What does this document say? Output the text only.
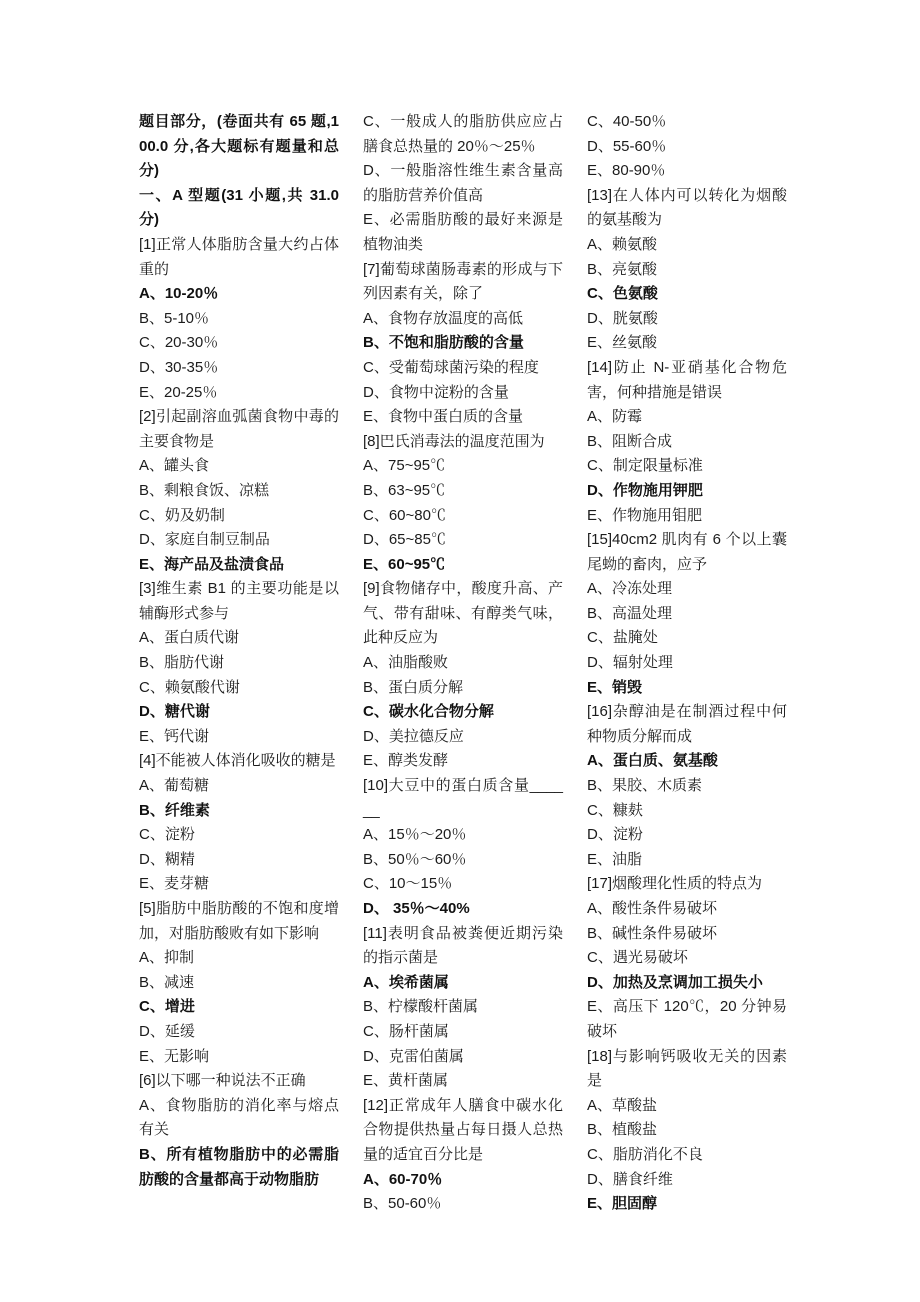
题目部分，(卷面共有 65 题,100.0 分,各大题标有题量和总分)

一、A 型题(31 小题,共 31.0 分)

[1]正常人体脂肪含量大约占体重的

A、10-20％

B、5-10％

C、20-30％

D、30-35％

E、20-25％

[2]引起副溶血弧菌食物中毒的主要食物是

A、罐头食

B、剩粮食饭、凉糕

C、奶及奶制

D、家庭自制豆制品

E、海产品及盐渍食品

[3]维生素 B1 的主要功能是以辅酶形式参与

A、蛋白质代谢

B、脂肪代谢

C、赖氨酸代谢

D、糖代谢

E、钙代谢

[4]不能被人体消化吸收的糖是

A、葡萄糖

B、纤维素

C、淀粉

D、糊精

E、麦芽糖

[5]脂肪中脂肪酸的不饱和度增加，对脂肪酸败有如下影响

A、抑制

B、减速

C、增进

D、延缓

E、无影响

[6]以下哪一种说法不正确

A、食物脂肪的消化率与熔点有关

B、所有植物脂肪中的必需脂肪酸的含量都高于动物脂肪

C、一般成人的脂肪供应应占膳食总热量的 20％～25％

D、一般脂溶性维生素含量高的脂肪营养价值高

E、必需脂肪酸的最好来源是植物油类

[7]葡萄球菌肠毒素的形成与下列因素有关，除了

A、食物存放温度的高低

B、不饱和脂肪酸的含量

C、受葡萄球菌污染的程度

D、食物中淀粉的含量

E、食物中蛋白质的含量

[8]巴氏消毒法的温度范围为

A、75~95℃

B、63~95℃

C、60~80℃

D、65~85℃

E、60~95℃

[9]食物储存中，酸度升高、产气、带有甜味、有醇类气味，此种反应为

A、油脂酸败

B、蛋白质分解

C、碳水化合物分解

D、美拉德反应

E、醇类发酵

[10]大豆中的蛋白质含量______

A、15％～20％

B、50％～60％

C、10～15％

D、 35％～40%

[11]表明食品被粪便近期污染的指示菌是

A、埃希菌属

B、柠檬酸杆菌属

C、肠杆菌属

D、克雷伯菌属

E、黄杆菌属

[12]正常成年人膳食中碳水化合物提供热量占每日摄人总热量的适宜百分比是

A、60-70％

B、50-60％

C、40-50％

D、55-60％

E、80-90％

[13]在人体内可以转化为烟酸的氨基酸为

A、赖氨酸

B、亮氨酸

C、色氨酸

D、胱氨酸

E、丝氨酸

[14]防止 N-亚硝基化合物危害，何种措施是错误

A、防霉

B、阻断合成

C、制定限量标准

D、作物施用钾肥

E、作物施用钼肥

[15]40cm2 肌肉有 6 个以上囊尾蚴的畜肉，应予

A、冷冻处理

B、高温处理

C、盐腌处

D、辐射处理

E、销毁

[16]杂醇油是在制酒过程中何种物质分解而成

A、蛋白质、氨基酸

B、果胶、木质素

C、糠麸

D、淀粉

E、油脂

[17]烟酸理化性质的特点为

A、酸性条件易破坏

B、碱性条件易破坏

C、遇光易破坏

D、加热及烹调加工损失小

E、高压下 120℃，20 分钟易破坏

[18]与影响钙吸收无关的因素是

A、草酸盐

B、植酸盐

C、脂肪消化不良

D、膳食纤维

E、胆固醇
